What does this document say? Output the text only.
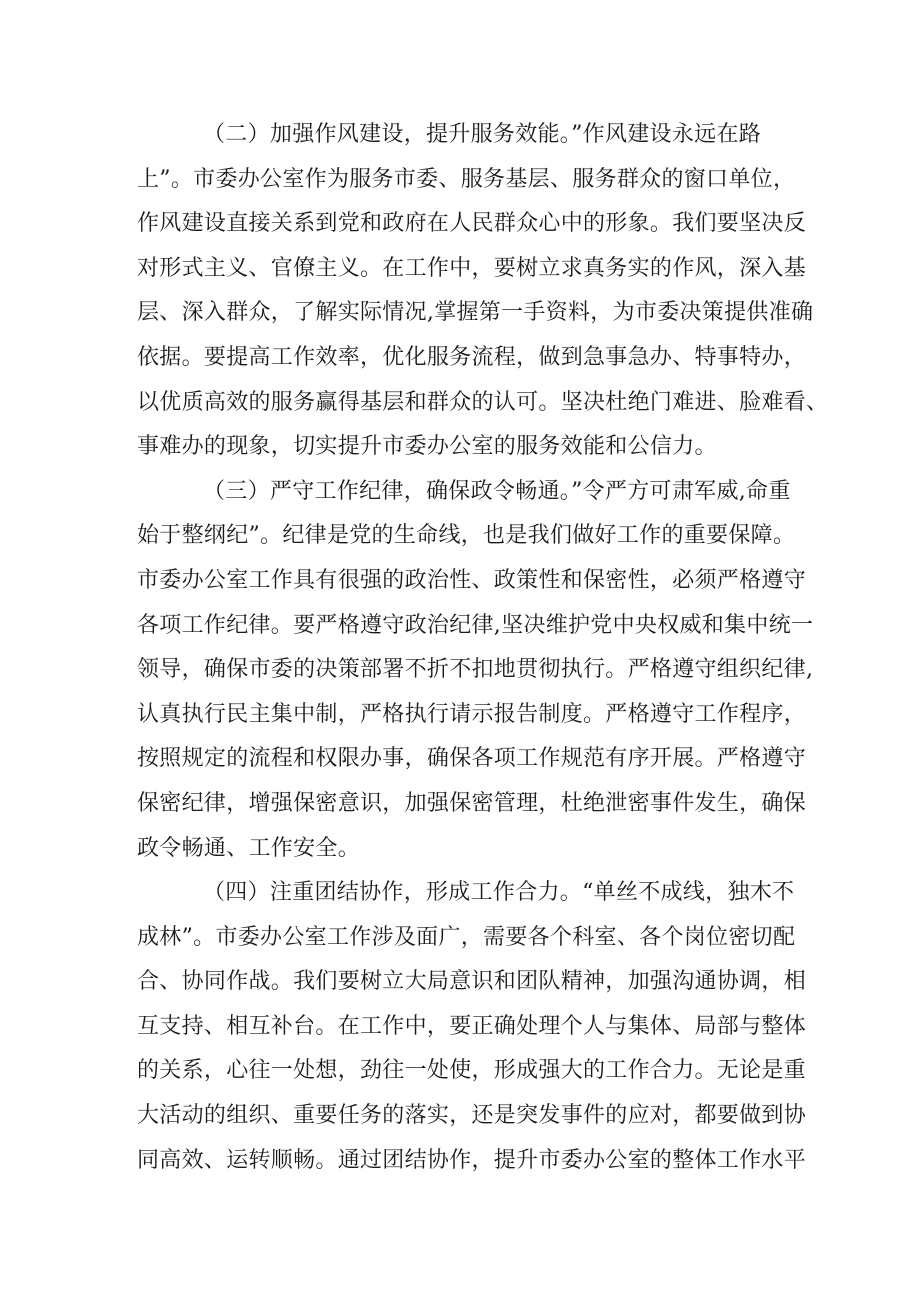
（二）加强作风建设，提升服务效能。”作风建设永远在路
上”。市委办公室作为服务市委、服务基层、服务群众的窗口单位，
作风建设直接关系到党和政府在人民群众心中的形象。我们要坚决反
对形式主义、官僚主义。在工作中，要树立求真务实的作风，深入基
层、深入群众，了解实际情况,掌握第一手资料，为市委决策提供准确
依据。要提高工作效率，优化服务流程，做到急事急办、特事特办，
以优质高效的服务赢得基层和群众的认可。坚决杜绝门难进、脸难看、
事难办的现象，切实提升市委办公室的服务效能和公信力。
（三）严守工作纪律，确保政令畅通。”令严方可肃军威,命重
始于整纲纪”。纪律是党的生命线，也是我们做好工作的重要保障。
市委办公室工作具有很强的政治性、政策性和保密性，必须严格遵守
各项工作纪律。要严格遵守政治纪律,坚决维护党中央权威和集中统一
领导，确保市委的决策部署不折不扣地贯彻执行。严格遵守组织纪律,
认真执行民主集中制，严格执行请示报告制度。严格遵守工作程序，
按照规定的流程和权限办事，确保各项工作规范有序开展。严格遵守
保密纪律，增强保密意识，加强保密管理，杜绝泄密事件发生，确保
政令畅通、工作安全。
（四）注重团结协作，形成工作合力。“单丝不成线，独木不
成林”。市委办公室工作涉及面广，需要各个科室、各个岗位密切配
合、协同作战。我们要树立大局意识和团队精神，加强沟通协调，相
互支持、相互补台。在工作中，要正确处理个人与集体、局部与整体
的关系，心往一处想，劲往一处使，形成强大的工作合力。无论是重
大活动的组织、重要任务的落实，还是突发事件的应对，都要做到协
同高效、运转顺畅。通过团结协作，提升市委办公室的整体工作水平
